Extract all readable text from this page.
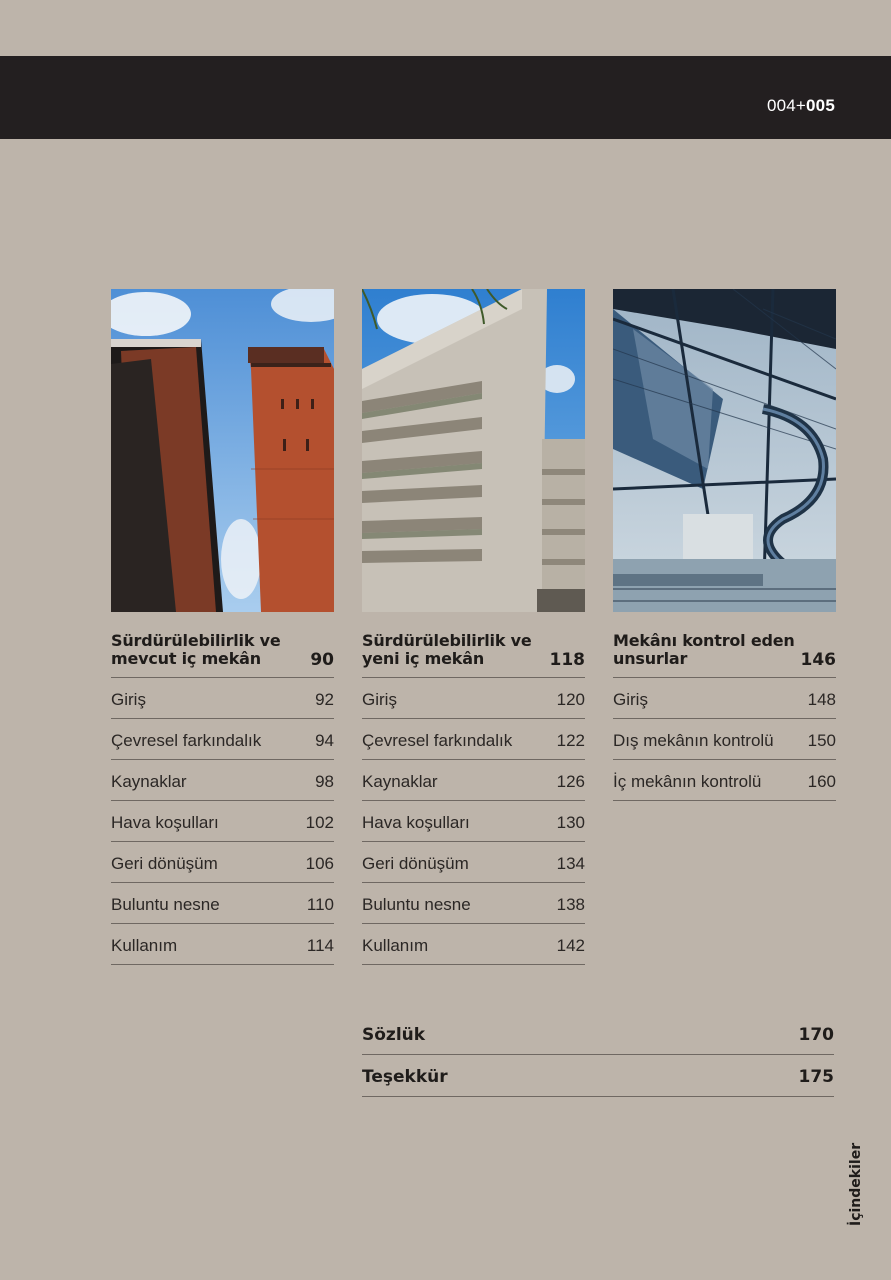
004+005
Sürdürülebilirlik ve mevcut iç mekân	90
Giriş	92
Çevresel farkındalık	94
Kaynaklar	98
Hava koşulları	102
Geri dönüşüm	106
Buluntu nesne	110
Kullanım	114
Sürdürülebilirlik ve yeni iç mekân	118
Giriş	120
Çevresel farkındalık	122
Kaynaklar	126
Hava koşulları	130
Geri dönüşüm	134
Buluntu nesne	138
Kullanım	142
Mekânı kontrol eden unsurlar	146
Giriş	148
Dış mekânın kontrolü 150
İç mekânın kontrolü	160
Sözlük	170
Teşekkür	175
İçindekiler
